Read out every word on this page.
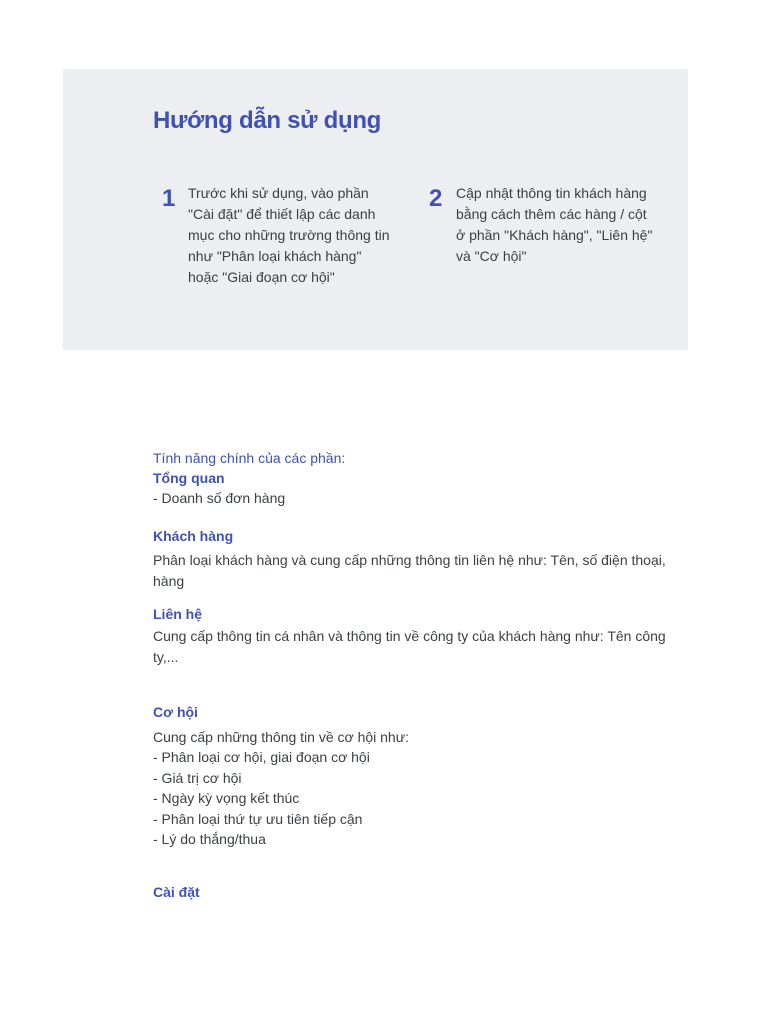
Hướng dẫn sử dụng
1 Trước khi sử dụng, vào phần
"Cài đặt" để thiết lập các danh
mục cho những trường thông tin
như "Phân loại khách hàng"
hoặc "Giai đoạn cơ hội"
2 Cập nhật thông tin khách hàng
bằng cách thêm các hàng / cột
ở phần "Khách hàng", "Liên hệ"
và "Cơ hội"

Tính năng chính của các phần:

Tổng quan

- Doanh số đơn hàng

Khách hàng

Phân loại khách hàng và cung cấp những thông tin liên hệ như: Tên, số điện thoại,
hàng

Liên hệ

Cung cấp thông tin cá nhân và thông tin về công ty của khách hàng như: Tên công
ty,...

Cơ hội

Cung cấp những thông tin về cơ hội như:
- Phân loại cơ hội, giai đoạn cơ hội
- Giá trị cơ hội
- Ngày kỳ vọng kết thúc
- Phân loại thứ tự ưu tiên tiếp cận
- Lý do thắng/thua

Cài đặt
